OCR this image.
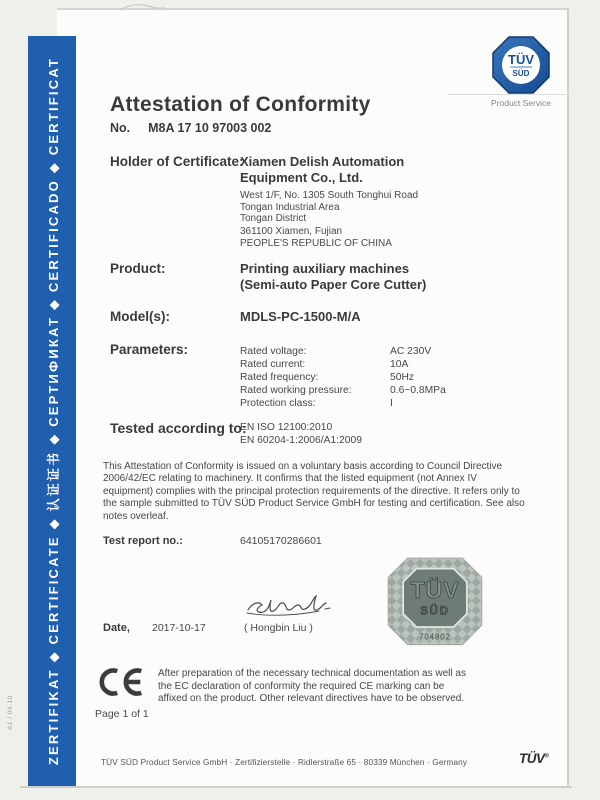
ZERTIFIKAT ◆ CERTIFICATE ◆ 认证证书 ◆ СЕРТИФИКАТ ◆ CERTIFICADO ◆ CERTIFICAT
A1 / 04.10
TÜV
SÜD
Product Service
Attestation of Conformity
No. M8A 17 10 97003 002
Holder of Certificate:
Xiamen Delish Automation
Equipment Co., Ltd.
West 1/F, No. 1305 South Tonghui Road
Tongan Industrial Area
Tongan District
361100 Xiamen, Fujian
PEOPLE'S REPUBLIC OF CHINA
Product:	Printing auxiliary machines
(Semi-auto Paper Core Cutter)
Model(s):	MDLS-PC-1500-M/A
Parameters:	Rated voltage:	AC 230V
Rated current:	10A
Rated frequency:	50Hz
Rated working pressure:	0.6~0.8MPa
Protection class:	I
Tested according to:
EN ISO 12100:2010
EN 60204-1:2006/A1:2009
This Attestation of Conformity is issued on a voluntary basis according to Council Directive 2006/42/EC relating to machinery. It confirms that the listed equipment (not Annex IV equipment) complies with the principal protection requirements of the directive. It refers only to the sample submitted to TÜV SÜD Product Service GmbH for testing and certification. See also notes overleaf.
Test report no.:	64105170286601
TÜV
SÜD
704802
( Hongbin Liu )
Date, 2017-10-17
After preparation of the necessary technical documentation as well as the EC declaration of conformity the required CE marking can be affixed on the product. Other relevant directives have to be observed.
Page 1 of 1
TÜV SÜD Product Service GmbH · Zertifizierstelle · Ridlerstraße 65 · 80339 München · Germany	TÜV®
